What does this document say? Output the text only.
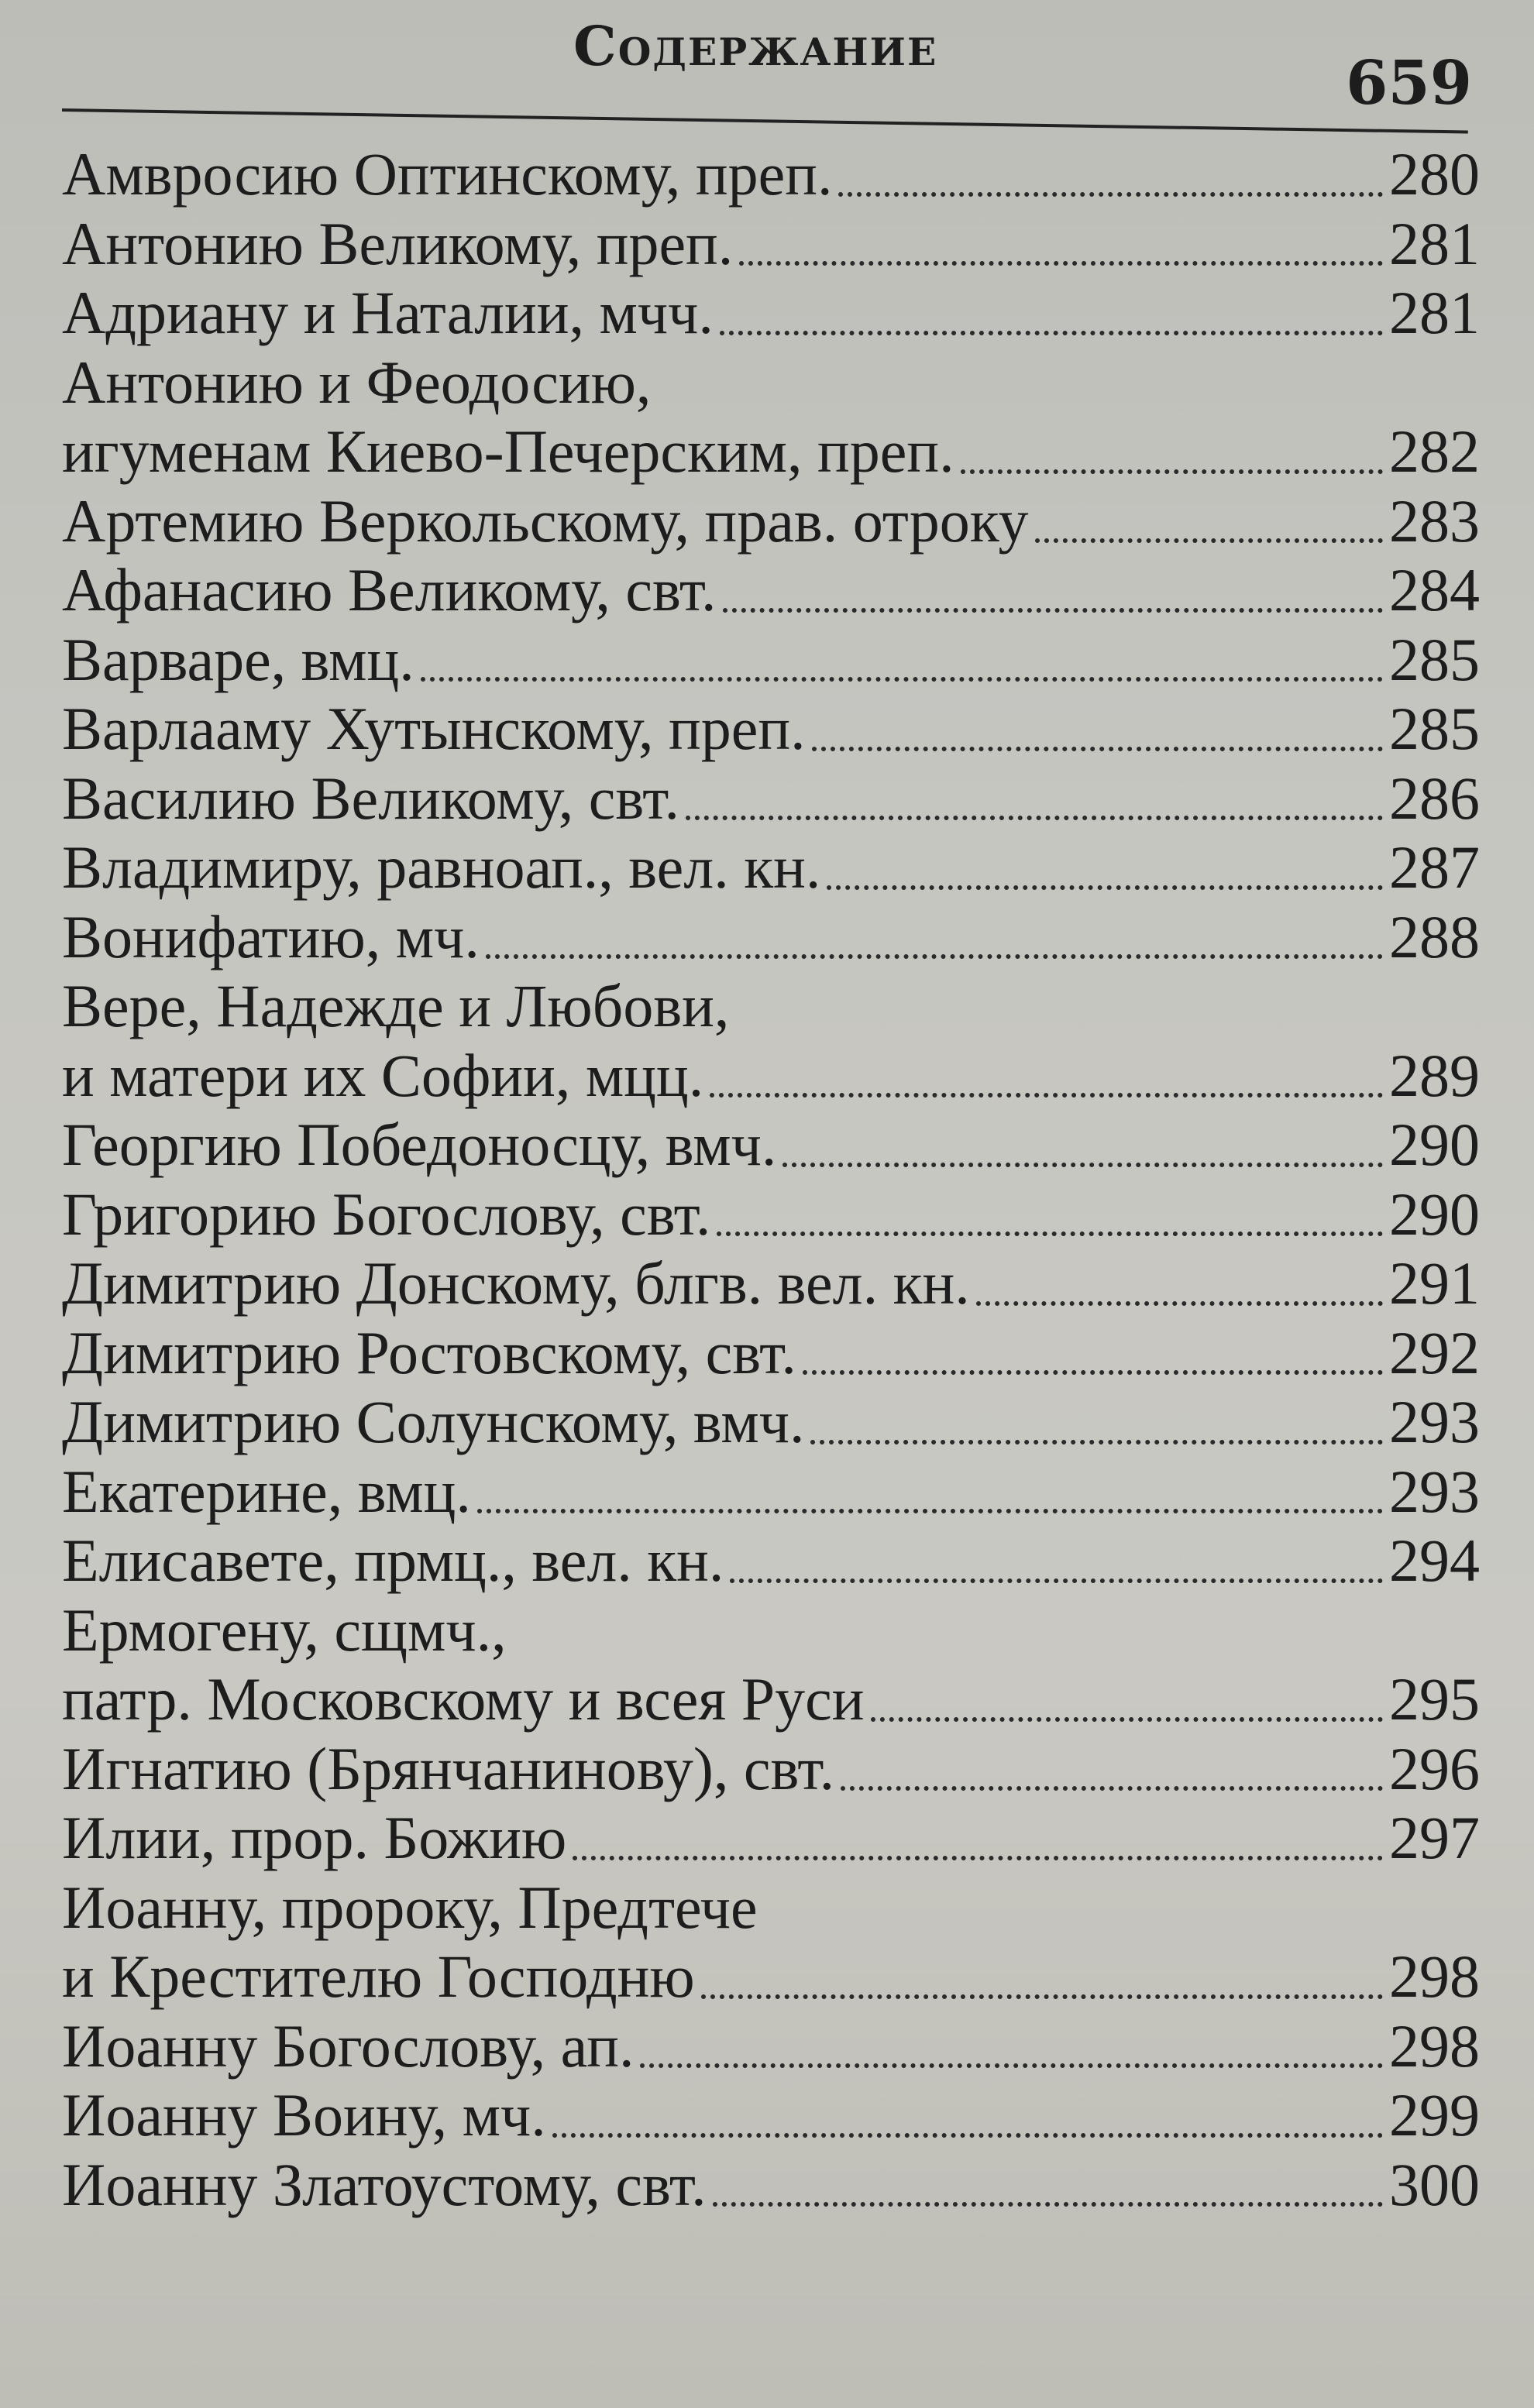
Содержание
659
Амвросию Оптинскому, преп.	280
Антонию Великому, преп.	281
Адриану и Наталии, мчч.	281
Антонию и Феодосию,
игуменам Киево-Печерским, преп.	282
Артемию Веркольскому, прав. отроку	283
Афанасию Великому, свт.	284
Варваре, вмц.	285
Варлааму Хутынскому, преп.	285
Василию Великому, свт.	286
Владимиру, равноап., вел. кн.	287
Вонифатию, мч.	288
Вере, Надежде и Любови,
и матери их Софии, мцц.	289
Георгию Победоносцу, вмч.	290
Григорию Богослову, свт.	290
Димитрию Донскому, блгв. вел. кн.	291
Димитрию Ростовскому, свт.	292
Димитрию Солунскому, вмч.	293
Екатерине, вмц.	293
Елисавете, прмц., вел. кн.	294
Ермогену, сщмч.,
патр. Московскому и всея Руси	295
Игнатию (Брянчанинову), свт.	296
Илии, прор. Божию	297
Иоанну, пророку, Предтече
и Крестителю Господню	298
Иоанну Богослову, ап.	298
Иоанну Воину, мч.	299
Иоанну Златоустому, свт.	300
